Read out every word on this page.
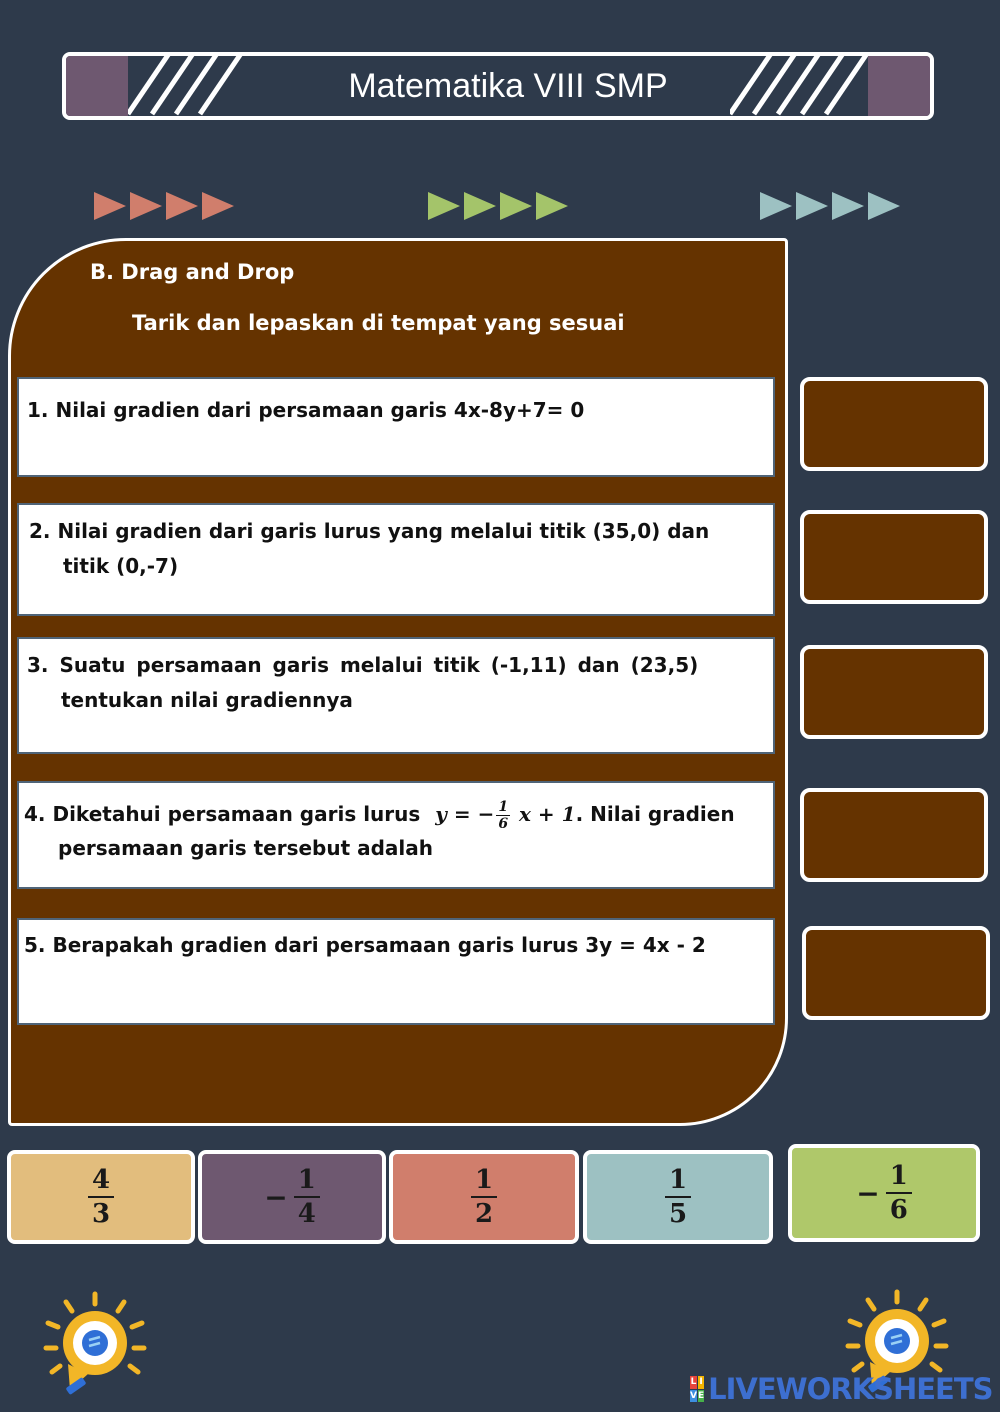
Matematika VIII SMP
B. Drag and Drop
Tarik dan lepaskan di tempat yang sesuai
1. Nilai gradien dari persamaan garis 4x-8y+7= 0
2. Nilai gradien dari garis lurus yang melalui titik (35,0) dan
titik (0,-7)
3. Suatu persamaan garis melalui titik (-1,11) dan (23,5)
tentukan nilai gradiennya
4. Diketahui persamaan garis lurus y = − $\frac{1}{6}$ x + 1. Nilai gradien
persamaan garis tersebut adalah
5. Berapakah gradien dari persamaan garis lurus 3y = 4x - 2
$\frac{4}{3}$	− $\frac{1}{4}$	$\frac{1}{2}$	$\frac{1}{5}$	− $\frac{1}{6}$
L I
V E LIVEWORKSHEETS
